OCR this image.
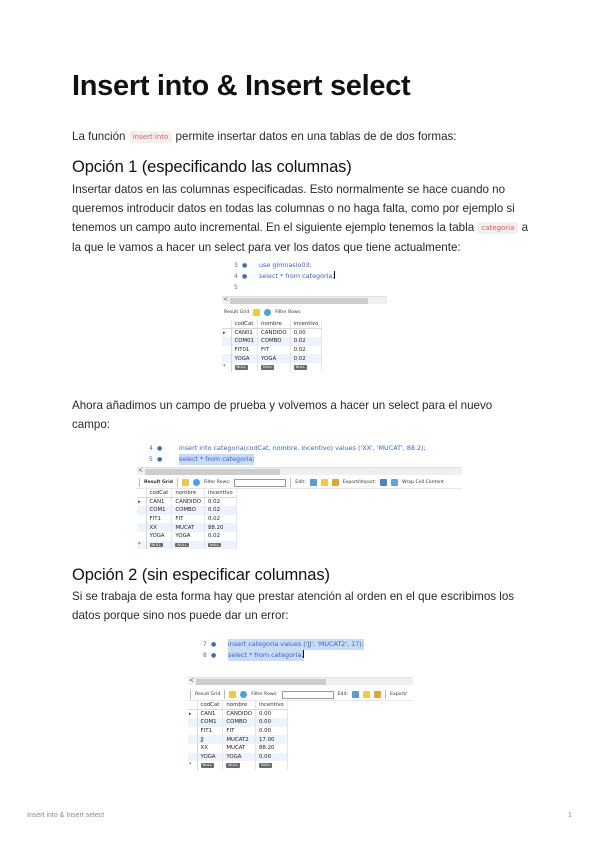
Insert into & Insert select
La función insert into permite insertar datos en una tablas de de dos formas:
Opción 1 (especificando las columnas)
Insertar datos en las columnas especificadas. Esto normalmente se hace cuando no
queremos introducir datos en todas las columnas o no haga falta, como por ejemplo si
tenemos un campo auto incremental. En el siguiente ejemplo tenemos la tabla categoria a
la que le vamos a hacer un select para ver los datos que tiene actualmente:
3 ● use gimnasio03;
4 ● select * from categoria;
5
<
Result Grid	Filter Rows:
	codCat	nombre	incentivo
▸	CAN01	CANDIDO	0.00
	COM01	COMBO	0.02
	FIT01	FIT	0.02
	YOGA	YOGA	0.02
*	NULL	NULL	NULL
Ahora añadimos un campo de prueba y volvemos a hacer un select para el nuevo
campo:
4 ●	insert into categoria(codCat, nombre, incentivo) values ('XX', 'MUCAT', 88.2);
5 ●	select * from categoria;
<
Result Grid	Filter Rows:	Edit:	Export/Import:	Wrap Cell Content
	codCat	nombre	incentivo
▸	CAN1	CANDIDO	0.02
	COM1	COMBO	0.02
	FIT1	FIT	0.02
	XX	MUCAT	88.20
	YOGA	YOGA	0.02
*	NULL	NULL	NULL
Opción 2 (sin especificar columnas)
Si se trabaja de esta forma hay que prestar atención al orden en el que escribimos los
datos porque sino nos puede dar un error:
7 ● insert categoria values ('JJ', 'MUCAT2', 17);
8 ● select * from categoria;
<
Result Grid	Filter Rows:	Edit:	Export/
	codCat	nombre	incentivo
▸	CAN1	CANDIDO	0.00
	COM1	COMBO	0.00
	FIT1	FIT	0.00
	JJ	MUCAT2	17.00
	XX	MUCAT	88.20
	YOGA	YOGA	0.00
*	NULL	NULL	NULL
Insert into & Insert select	1
